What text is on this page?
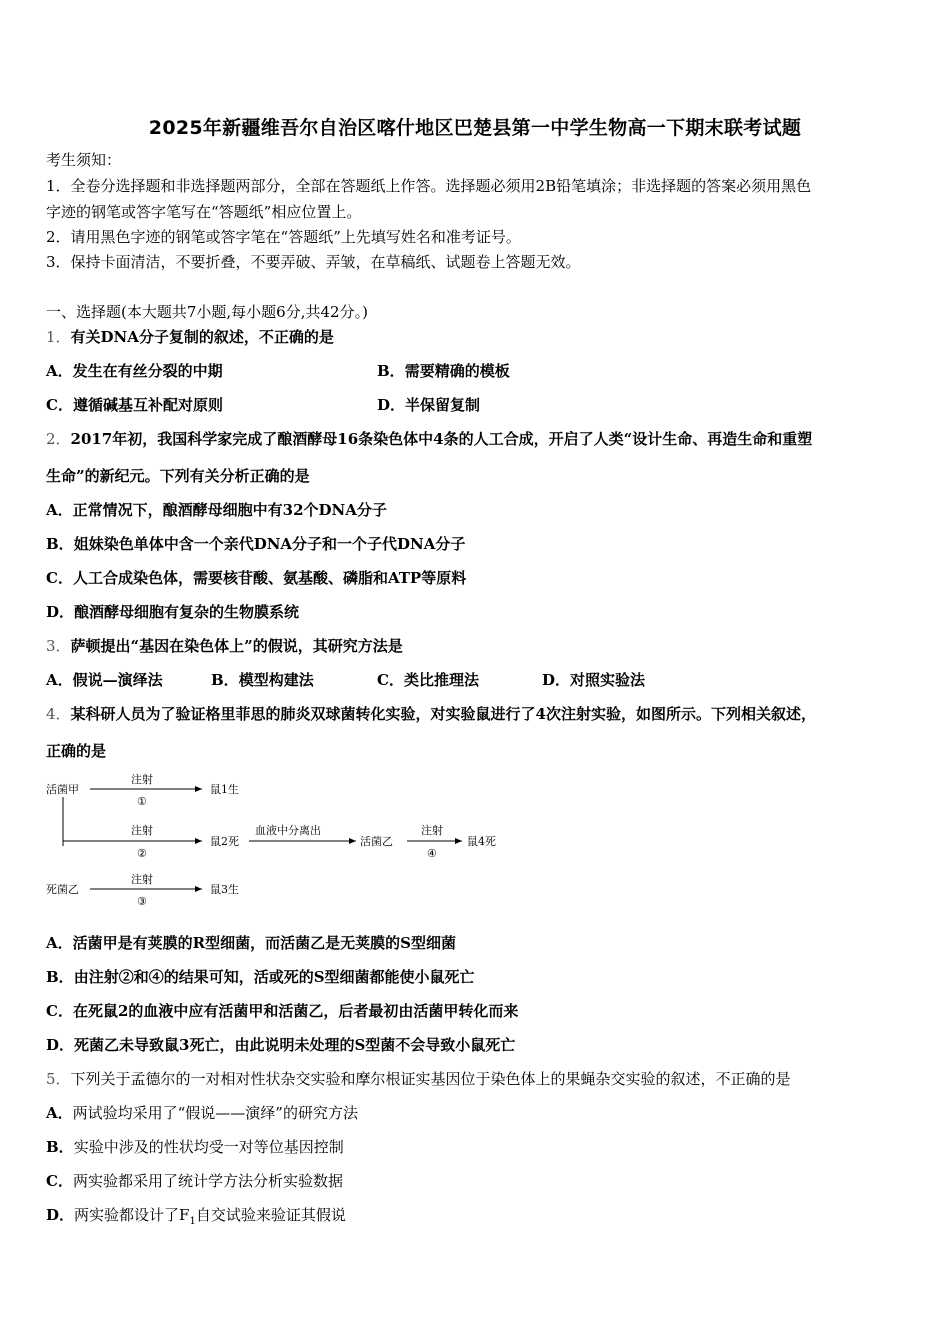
2025年新疆维吾尔自治区喀什地区巴楚县第一中学生物高一下期末联考试题
考生须知：
1．全卷分选择题和非选择题两部分，全部在答题纸上作答。选择题必须用2B铅笔填涂；非选择题的答案必须用黑色
字迹的钢笔或答字笔写在“答题纸”相应位置上。
2．请用黑色字迹的钢笔或答字笔在“答题纸”上先填写姓名和准考证号。
3．保持卡面清洁，不要折叠，不要弄破、弄皱，在草稿纸、试题卷上答题无效。
一、选择题(本大题共7小题,每小题6分,共42分。)
1．有关DNA分子复制的叙述，不正确的是
A．发生在有丝分裂的中期	B．需要精确的模板
C．遵循碱基互补配对原则	D．半保留复制
2．2017年初，我国科学家完成了酿酒酵母16条染色体中4条的人工合成，开启了人类“设计生命、再造生命和重塑
生命”的新纪元。下列有关分析正确的是
A．正常情况下，酿酒酵母细胞中有32个DNA分子
B．姐妹染色单体中含一个亲代DNA分子和一个子代DNA分子
C．人工合成染色体，需要核苷酸、氨基酸、磷脂和ATP等原料
D．酿酒酵母细胞有复杂的生物膜系统
3．萨顿提出“基因在染色体上”的假说，其研究方法是
A．假说—演绎法	B．模型构建法	C．类比推理法	D．对照实验法
4．某科研人员为了验证格里菲思的肺炎双球菌转化实验，对实验鼠进行了4次注射实验，如图所示。下列相关叙述，
正确的是
活菌甲
注射
①
鼠1生
注射
②
鼠2死
血液中分离出
活菌乙
注射
④
鼠4死
死菌乙
注射
③
鼠3生
A．活菌甲是有荚膜的R型细菌，而活菌乙是无荚膜的S型细菌
B．由注射②和④的结果可知，活或死的S型细菌都能使小鼠死亡
C．在死鼠2的血液中应有活菌甲和活菌乙，后者最初由活菌甲转化而来
D．死菌乙未导致鼠3死亡，由此说明未处理的S型菌不会导致小鼠死亡
5．下列关于孟德尔的一对相对性状杂交实验和摩尔根证实基因位于染色体上的果蝇杂交实验的叙述，不正确的是
A．两试验均采用了“假说——演绎”的研究方法
B．实验中涉及的性状均受一对等位基因控制
C．两实验都采用了统计学方法分析实验数据
D．两实验都设计了$F_1$自交试验来验证其假说
